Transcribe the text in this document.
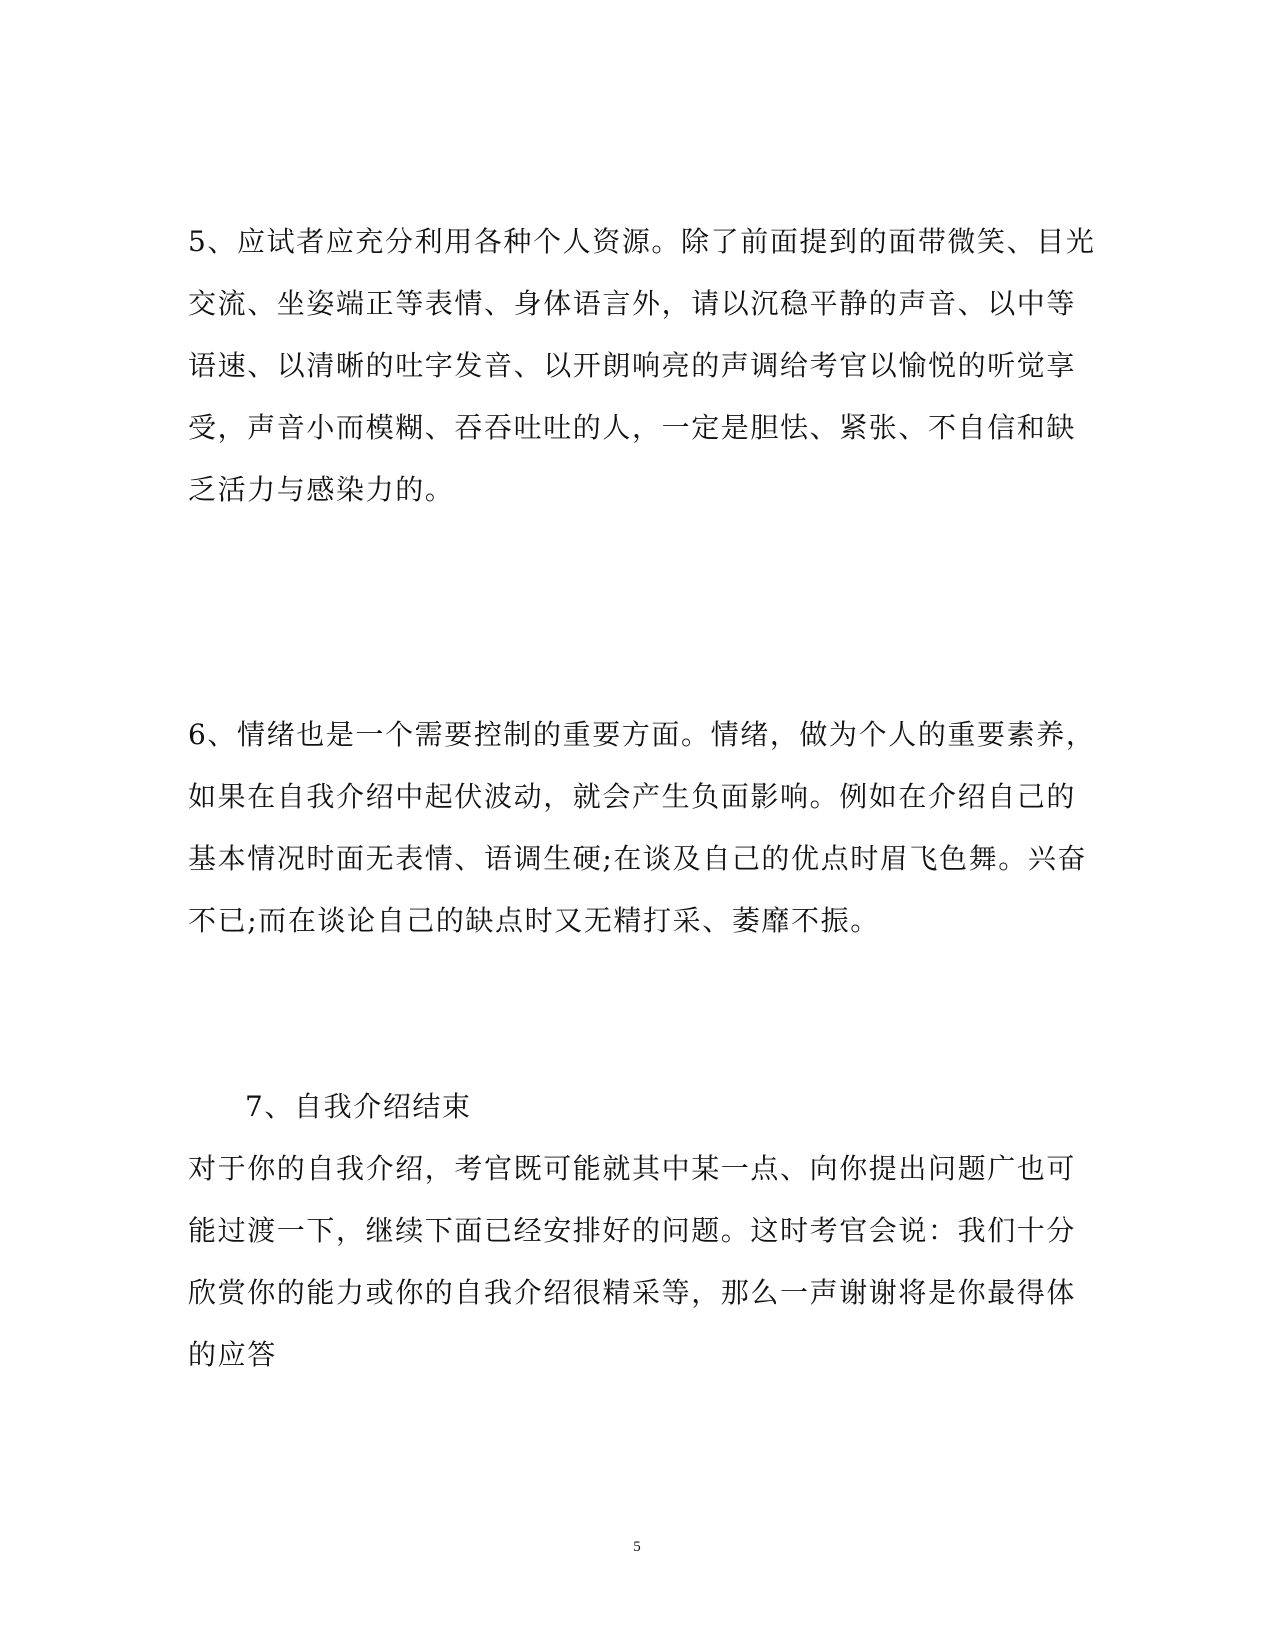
5、应试者应充分利用各种个人资源。除了前面提到的面带微笑、目光
交流、坐姿端正等表情、身体语言外，请以沉稳平静的声音、以中等
语速、以清晰的吐字发音、以开朗响亮的声调给考官以愉悦的听觉享
受，声音小而模糊、吞吞吐吐的人，一定是胆怯、紧张、不自信和缺
乏活力与感染力的。
6、情绪也是一个需要控制的重要方面。情绪，做为个人的重要素养，
如果在自我介绍中起伏波动，就会产生负面影响。例如在介绍自己的
基本情况时面无表情、语调生硬;在谈及自己的优点时眉飞色舞。兴奋
不已;而在谈论自己的缺点时又无精打采、萎靡不振。
7、自我介绍结束
对于你的自我介绍，考官既可能就其中某一点、向你提出问题广也可
能过渡一下，继续下面已经安排好的问题。这时考官会说：我们十分
欣赏你的能力或你的自我介绍很精采等，那么一声谢谢将是你最得体
的应答
5
